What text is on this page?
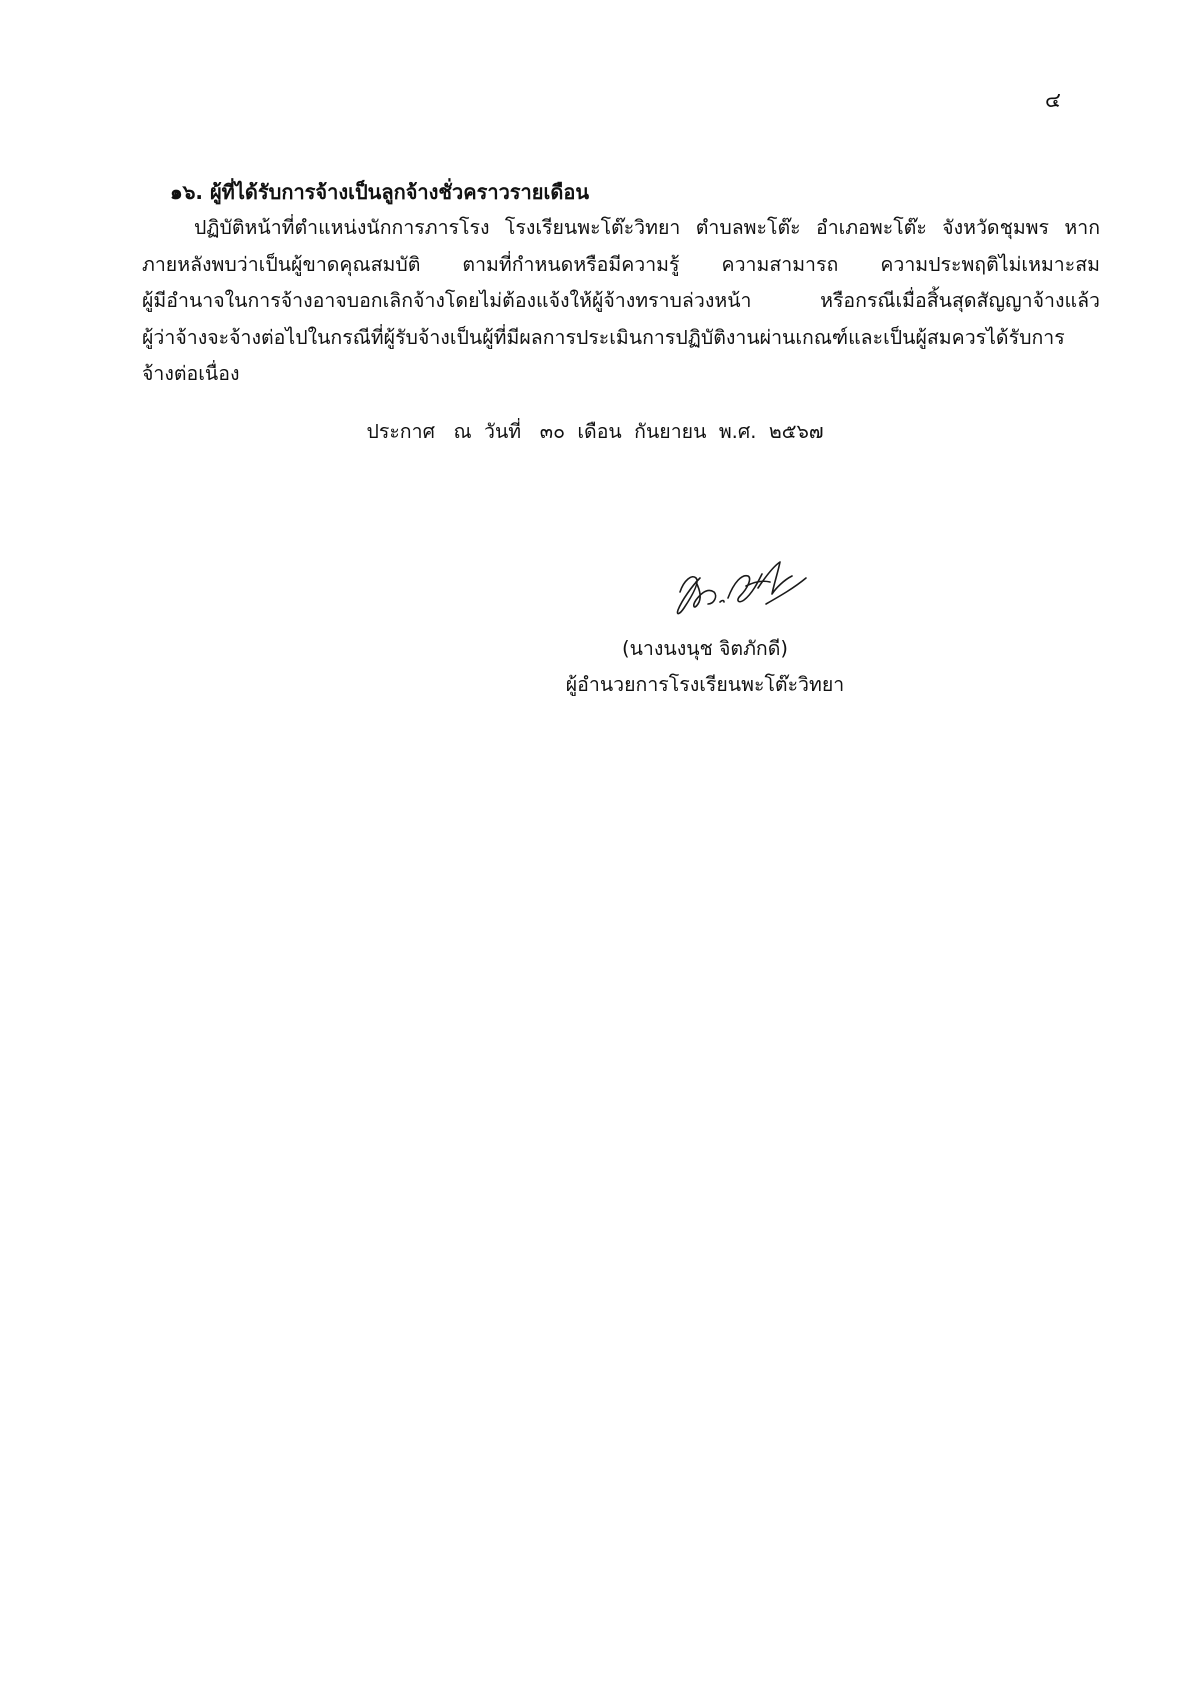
๔
๑๖. ผู้ที่ได้รับการจ้างเป็นลูกจ้างชั่วคราวรายเดือน
ปฏิบัติหน้าที่ตำแหน่งนักการภารโรง โรงเรียนพะโต๊ะวิทยา ตำบลพะโต๊ะ อำเภอพะโต๊ะ จังหวัดชุมพร หาก
ภายหลังพบว่าเป็นผู้ขาดคุณสมบัติ ตามที่กำหนดหรือมีความรู้ ความสามารถ ความประพฤติไม่เหมาะสม
ผู้มีอำนาจในการจ้างอาจบอกเลิกจ้างโดยไม่ต้องแจ้งให้ผู้จ้างทราบล่วงหน้า หรือกรณีเมื่อสิ้นสุดสัญญาจ้างแล้ว
ผู้ว่าจ้างจะจ้างต่อไปในกรณีที่ผู้รับจ้างเป็นผู้ที่มีผลการประเมินการปฏิบัติงานผ่านเกณฑ์และเป็นผู้สมควรได้รับการ
จ้างต่อเนื่อง
ประกาศ   ณ  วันที่   ๓๐  เดือน  กันยายน  พ.ศ.  ๒๕๖๗
(นางนงนุช จิตภักดี)
ผู้อำนวยการโรงเรียนพะโต๊ะวิทยา
